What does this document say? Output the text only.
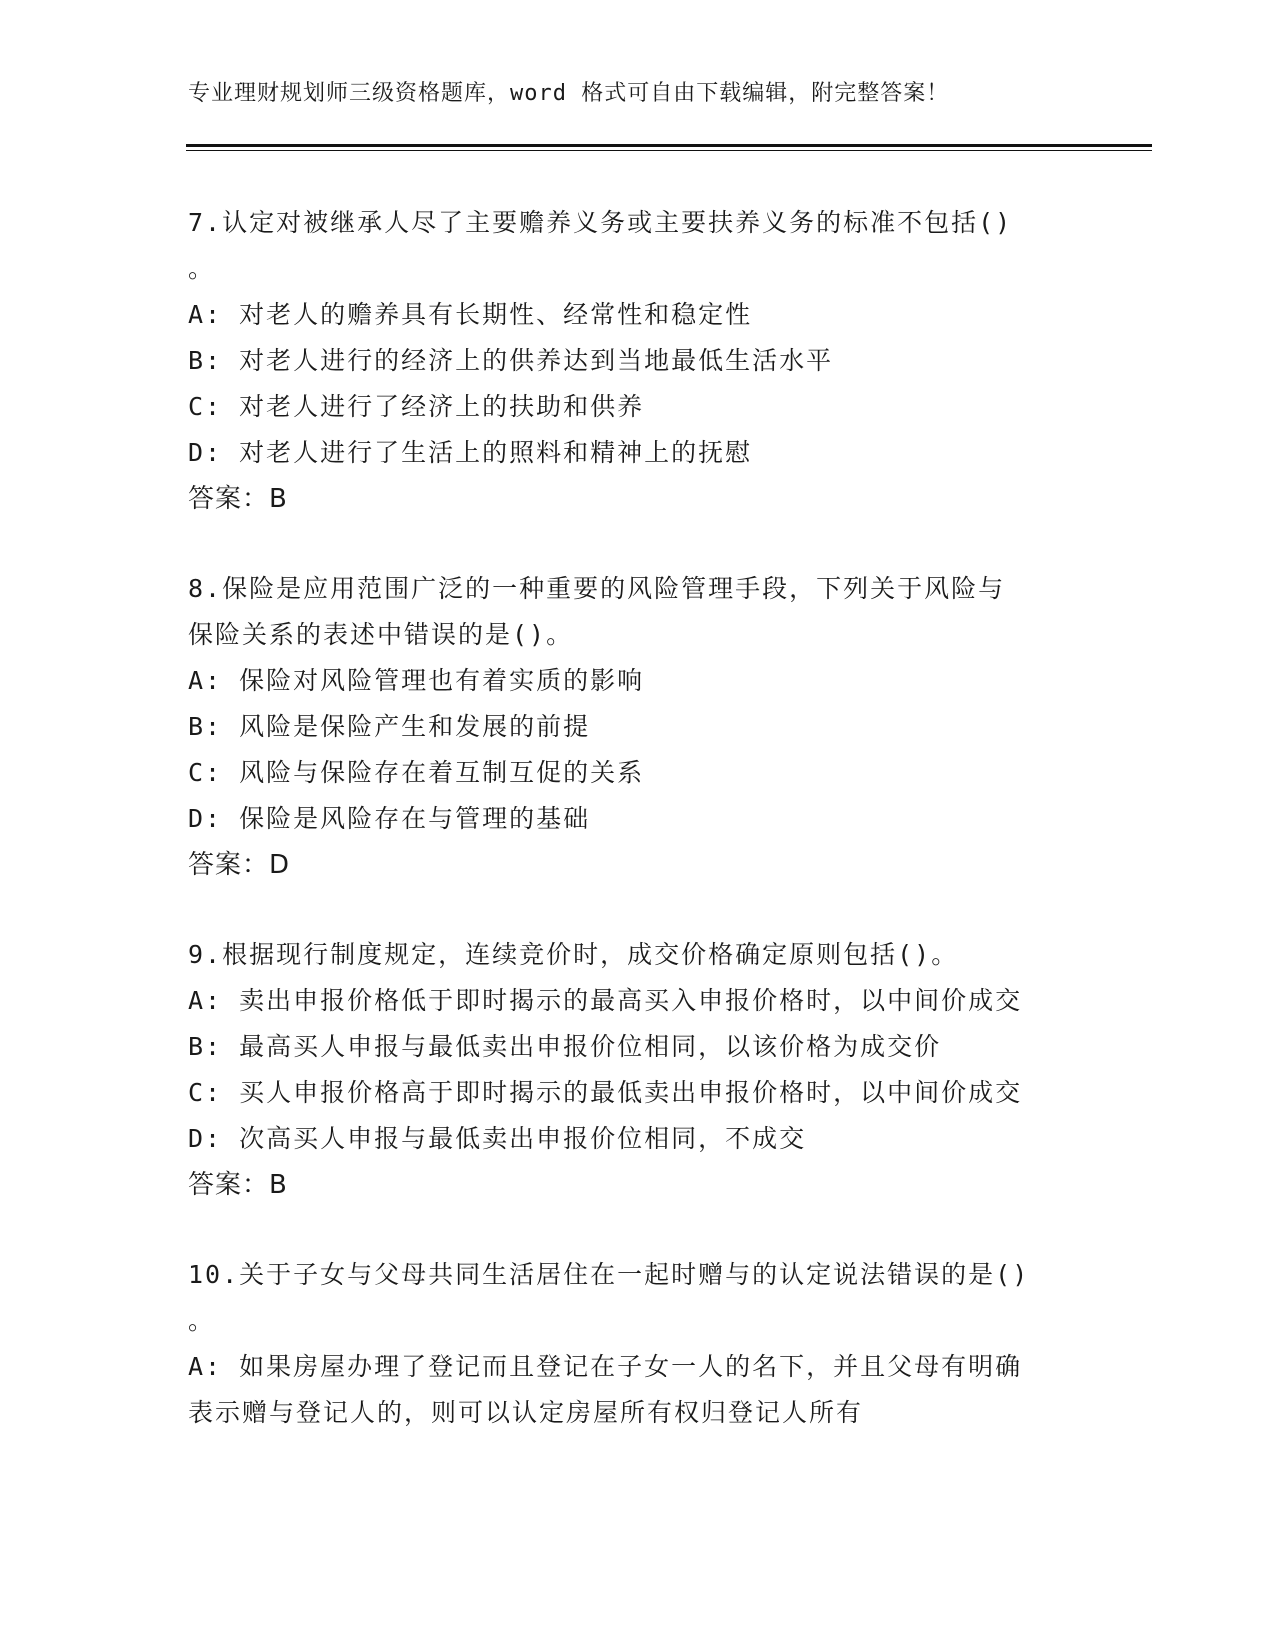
专业理财规划师三级资格题库，word 格式可自由下载编辑，附完整答案！
7.认定对被继承人尽了主要赡养义务或主要扶养义务的标准不包括()
。
A: 对老人的赡养具有长期性、经常性和稳定性
B: 对老人进行的经济上的供养达到当地最低生活水平
C: 对老人进行了经济上的扶助和供养
D: 对老人进行了生活上的照料和精神上的抚慰
答案：B
8.保险是应用范围广泛的一种重要的风险管理手段，下列关于风险与
保险关系的表述中错误的是()。
A: 保险对风险管理也有着实质的影响
B: 风险是保险产生和发展的前提
C: 风险与保险存在着互制互促的关系
D: 保险是风险存在与管理的基础
答案：D
9.根据现行制度规定，连续竞价时，成交价格确定原则包括()。
A: 卖出申报价格低于即时揭示的最高买入申报价格时，以中间价成交
B: 最高买人申报与最低卖出申报价位相同，以该价格为成交价
C: 买人申报价格高于即时揭示的最低卖出申报价格时，以中间价成交
D: 次高买人申报与最低卖出申报价位相同，不成交
答案：B
10.关于子女与父母共同生活居住在一起时赠与的认定说法错误的是()
。
A: 如果房屋办理了登记而且登记在子女一人的名下，并且父母有明确
表示赠与登记人的，则可以认定房屋所有权归登记人所有
